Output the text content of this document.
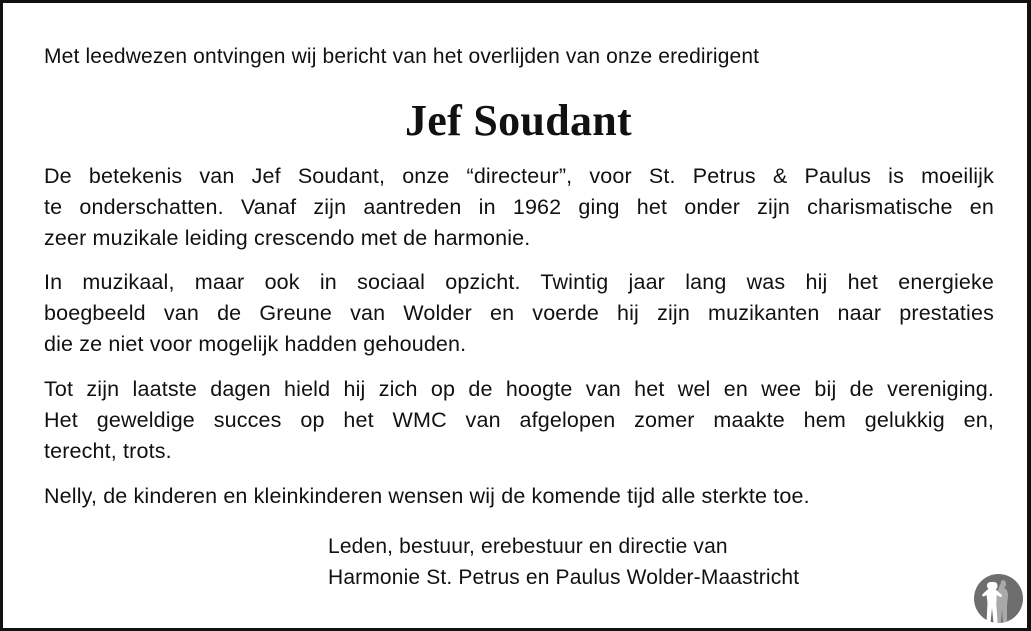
Met leedwezen ontvingen wij bericht van het overlijden van onze eredirigent
Jef Soudant
De betekenis van Jef Soudant, onze “directeur”, voor St. Petrus & Paulus is moeilijk
te onderschatten. Vanaf zijn aantreden in 1962 ging het onder zijn charismatische en
zeer muzikale leiding crescendo met de harmonie.
In muzikaal, maar ook in sociaal opzicht. Twintig jaar lang was hij het energieke
boegbeeld van de Greune van Wolder en voerde hij zijn muzikanten naar prestaties
die ze niet voor mogelijk hadden gehouden.
Tot zijn laatste dagen hield hij zich op de hoogte van het wel en wee bij de vereniging.
Het geweldige succes op het WMC van afgelopen zomer maakte hem gelukkig en,
terecht, trots.
Nelly, de kinderen en kleinkinderen wensen wij de komende tijd alle sterkte toe.
Leden, bestuur, erebestuur en directie van
Harmonie St. Petrus en Paulus Wolder-Maastricht
